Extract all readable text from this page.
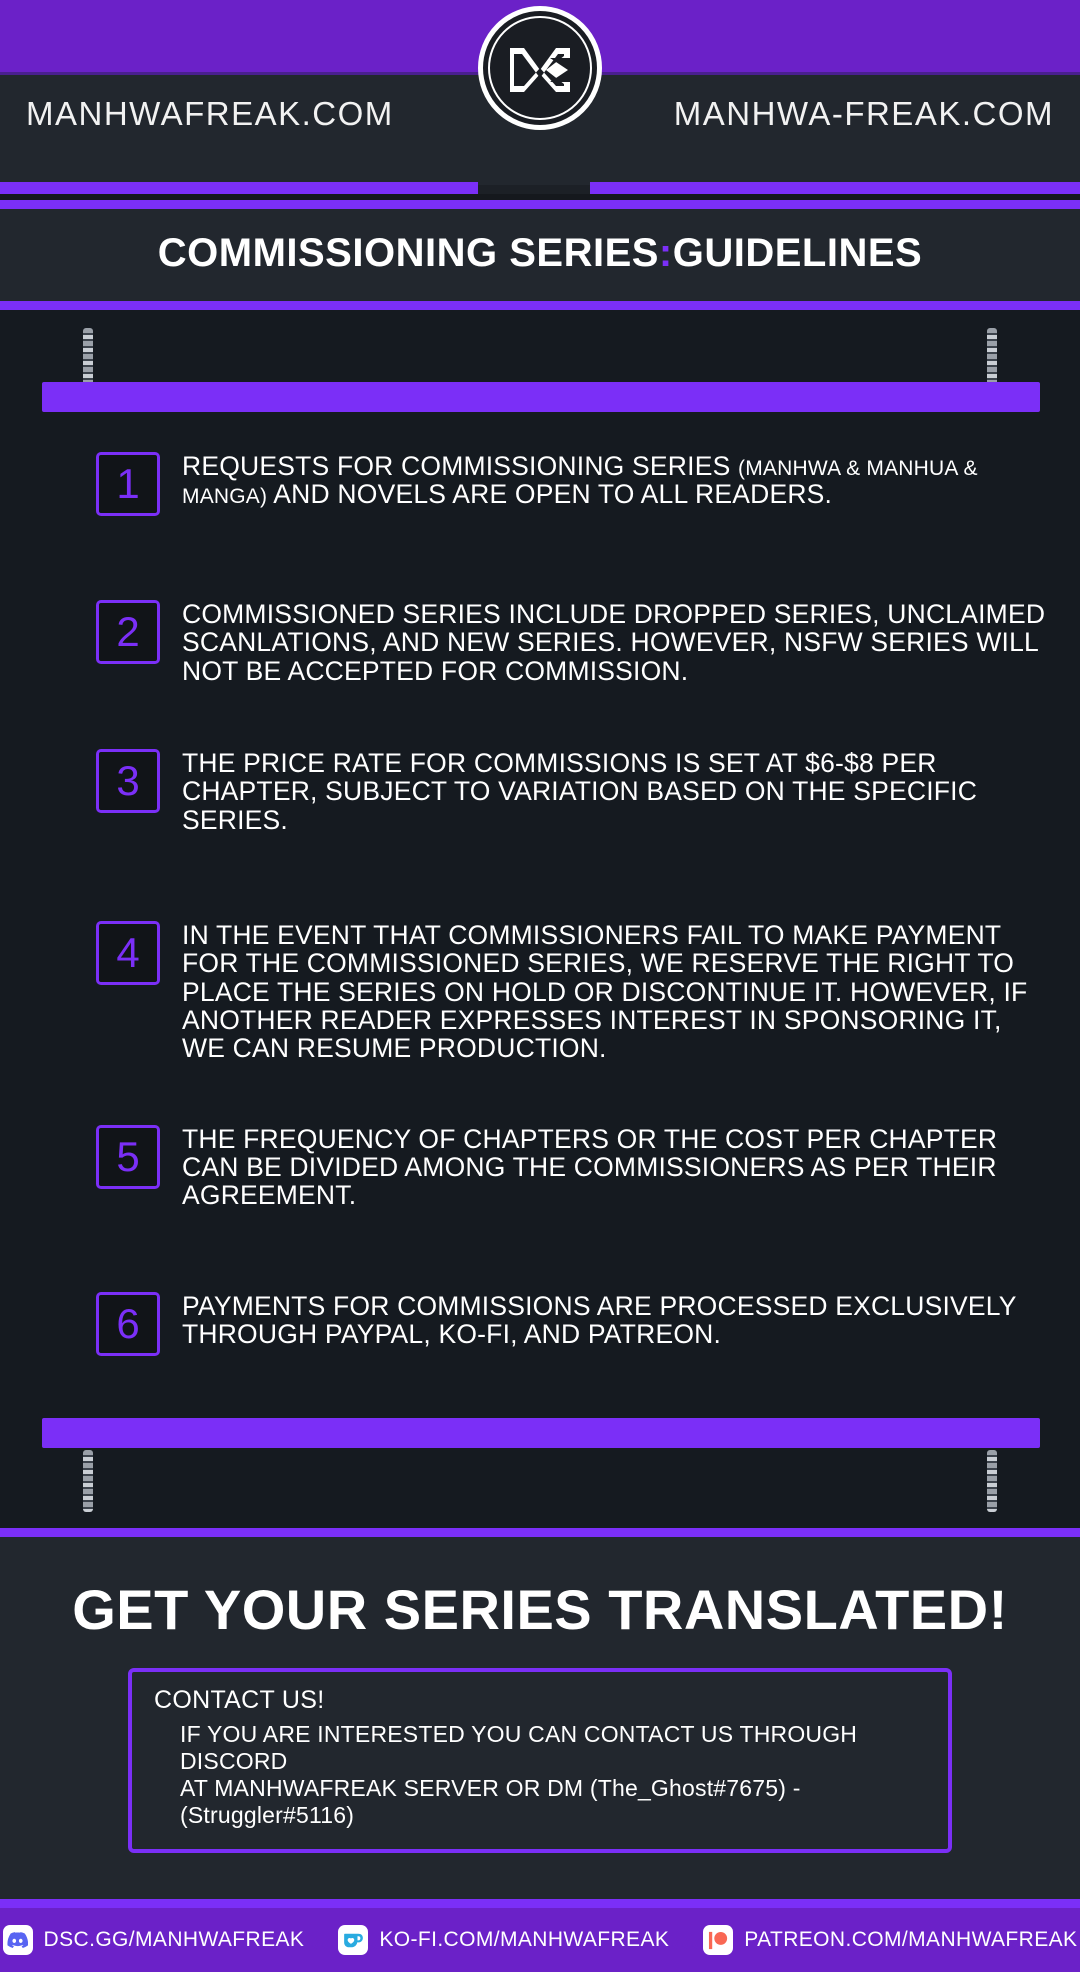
MANHWAFREAK.COM	MANHWA-FREAK.COM
COMMISSIONING SERIES:GUIDELINES
1	REQUESTS FOR COMMISSIONING SERIES (MANHWA & MANHUA & MANGA) AND NOVELS ARE OPEN TO ALL READERS.
2	COMMISSIONED SERIES INCLUDE DROPPED SERIES, UNCLAIMED SCANLATIONS, AND NEW SERIES. HOWEVER, NSFW SERIES WILL NOT BE ACCEPTED FOR COMMISSION.
3	THE PRICE RATE FOR COMMISSIONS IS SET AT $6-$8 PER CHAPTER, SUBJECT TO VARIATION BASED ON THE SPECIFIC SERIES.
4	IN THE EVENT THAT COMMISSIONERS FAIL TO MAKE PAYMENT FOR THE COMMISSIONED SERIES, WE RESERVE THE RIGHT TO PLACE THE SERIES ON HOLD OR DISCONTINUE IT. HOWEVER, IF ANOTHER READER EXPRESSES INTEREST IN SPONSORING IT, WE CAN RESUME PRODUCTION.
5	THE FREQUENCY OF CHAPTERS OR THE COST PER CHAPTER CAN BE DIVIDED AMONG THE COMMISSIONERS AS PER THEIR AGREEMENT.
6	PAYMENTS FOR COMMISSIONS ARE PROCESSED EXCLUSIVELY THROUGH PAYPAL, KO-FI, AND PATREON.
GET YOUR SERIES TRANSLATED!
CONTACT US!
IF YOU ARE INTERESTED YOU CAN CONTACT US THROUGH DISCORD
AT MANHWAFREAK SERVER OR DM (The_Ghost#7675) - (Struggler#5116)
DSC.GG/MANHWAFREAK	KO-FI.COM/MANHWAFREAK	PATREON.COM/MANHWAFREAK
